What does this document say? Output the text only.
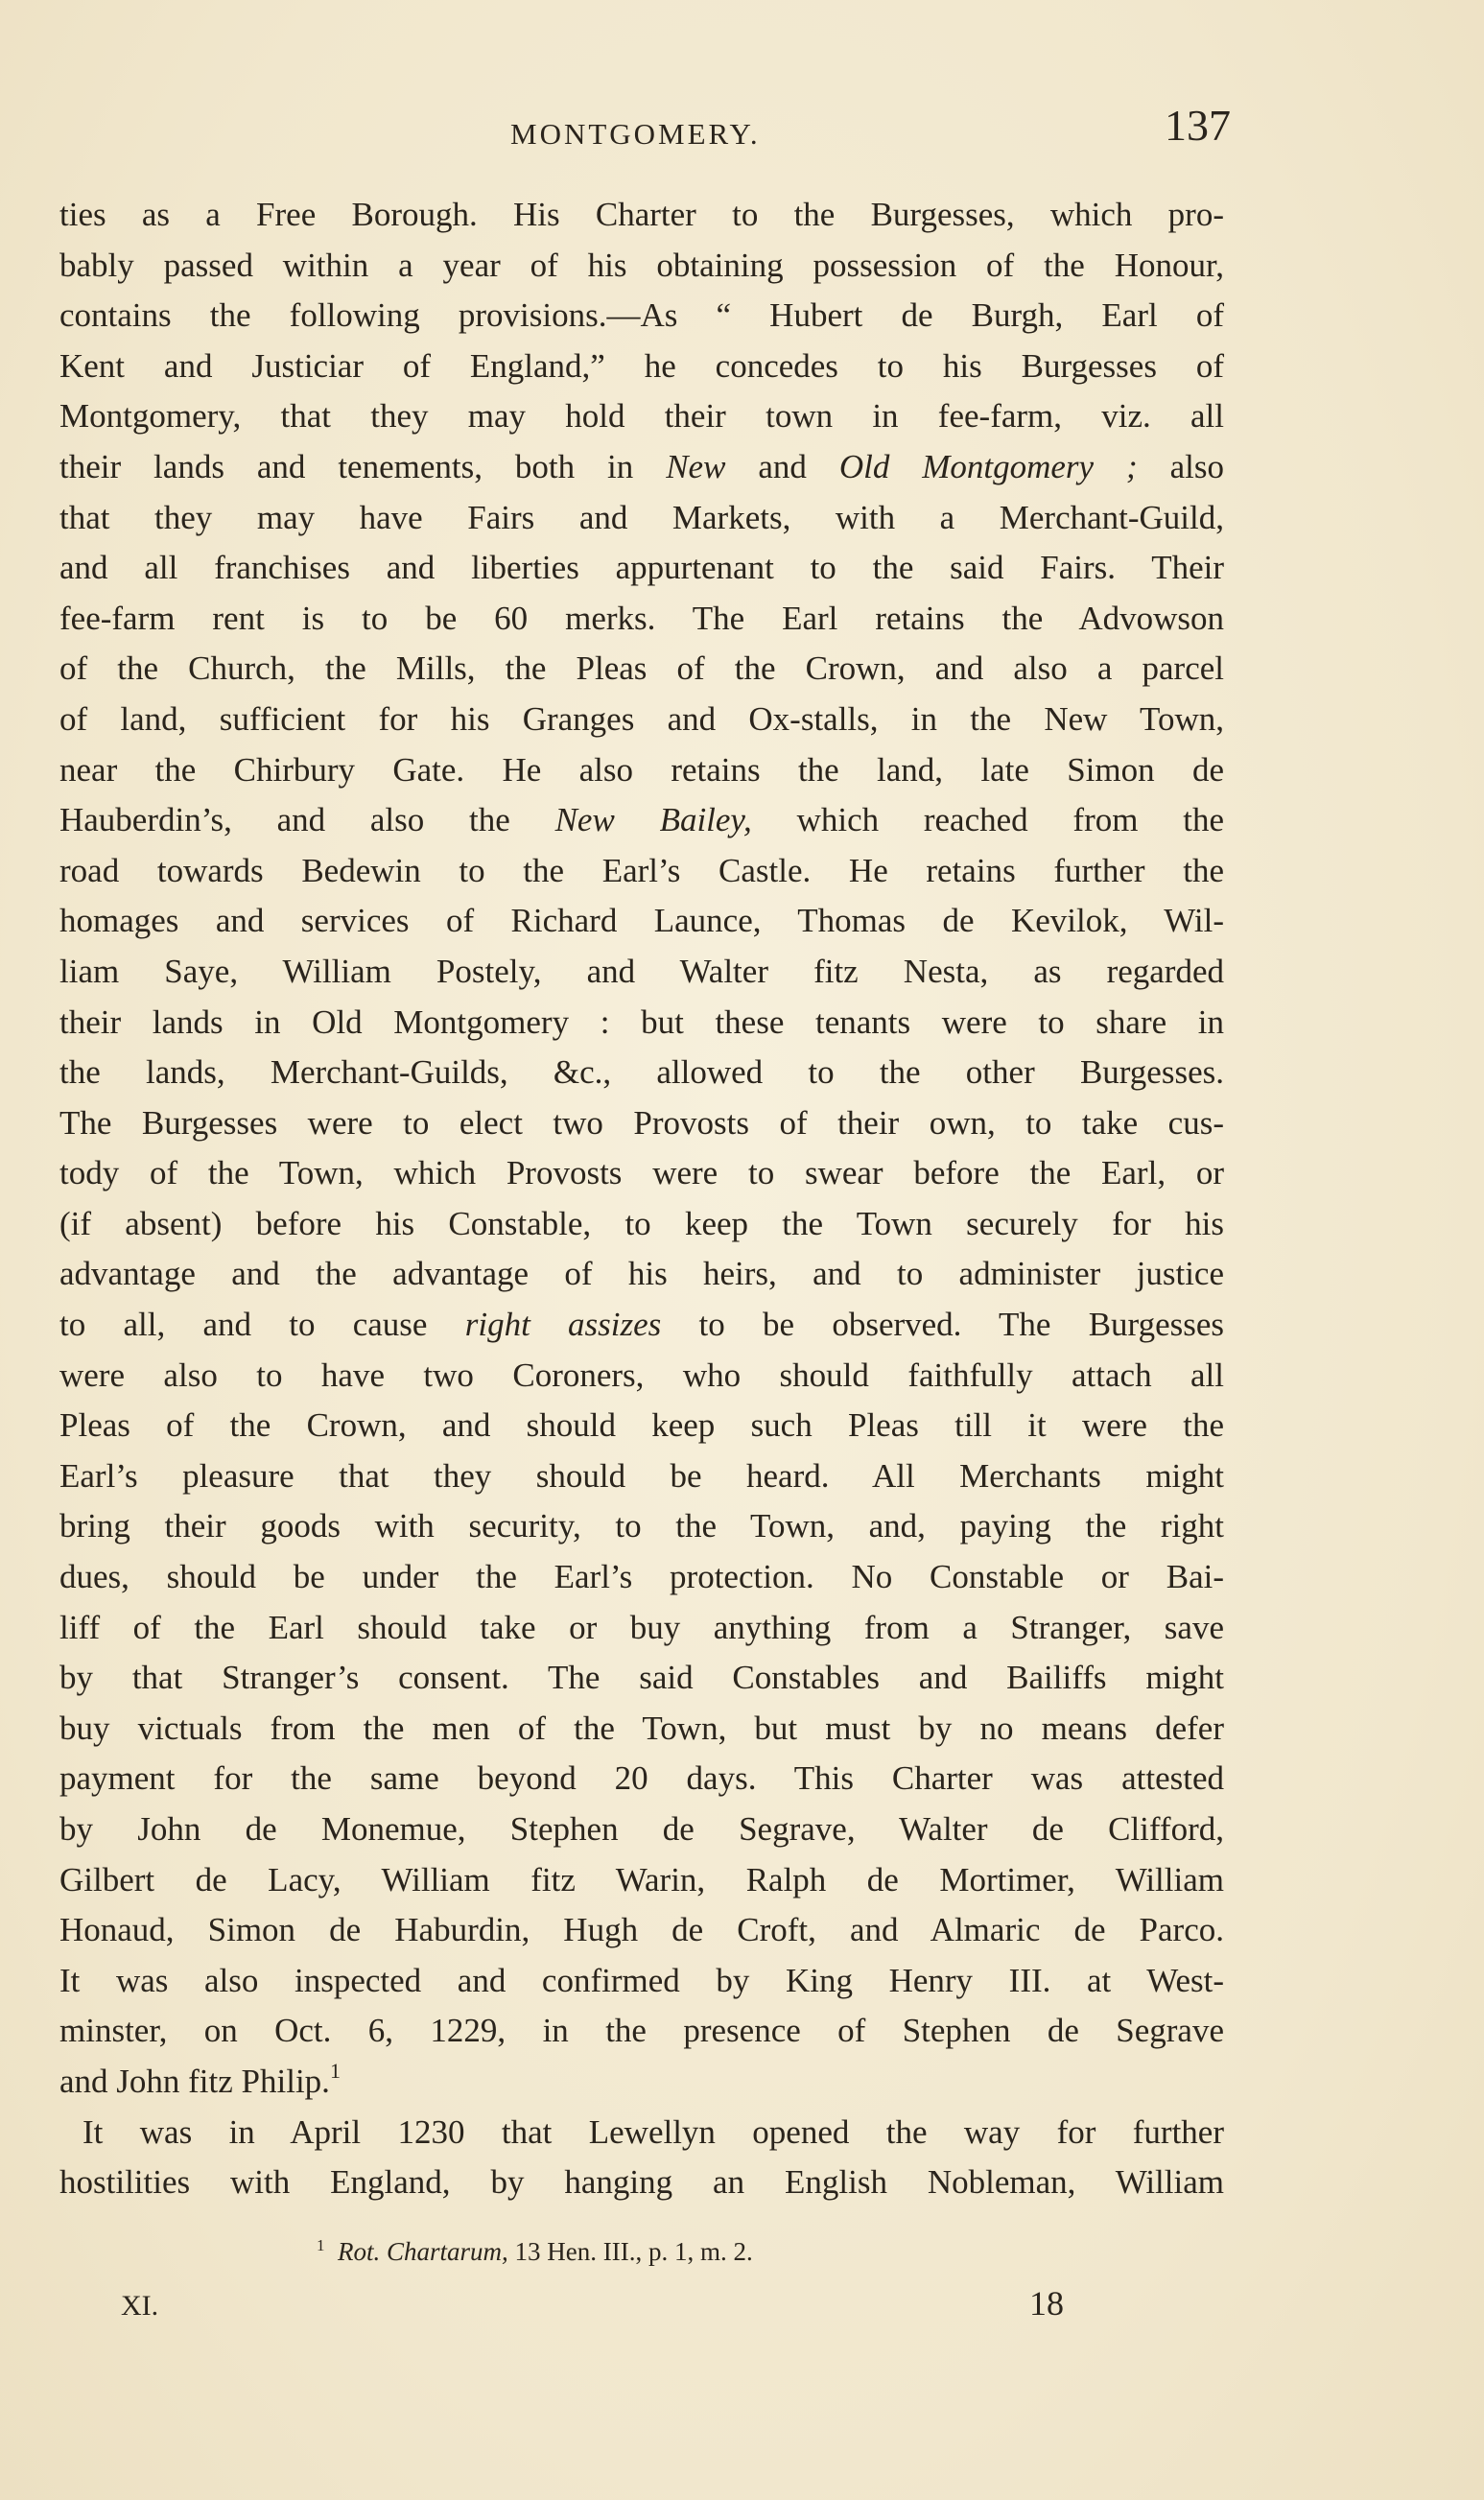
MONTGOMERY.	137
ties as a Free Borough. His Charter to the Burgesses, which pro-
bably passed within a year of his obtaining possession of the Honour,
contains the following provisions.—As “ Hubert de Burgh, Earl of
Kent and Justiciar of England,” he concedes to his Burgesses of
Montgomery, that they may hold their town in fee-farm, viz. all
their lands and tenements, both in New and Old Montgomery ; also
that they may have Fairs and Markets, with a Merchant-Guild,
and all franchises and liberties appurtenant to the said Fairs. Their
fee-farm rent is to be 60 merks. The Earl retains the Advowson
of the Church, the Mills, the Pleas of the Crown, and also a parcel
of land, sufficient for his Granges and Ox-stalls, in the New Town,
near the Chirbury Gate. He also retains the land, late Simon de
Hauberdin’s, and also the New Bailey, which reached from the
road towards Bedewin to the Earl’s Castle. He retains further the
homages and services of Richard Launce, Thomas de Kevilok, Wil-
liam Saye, William Postely, and Walter fitz Nesta, as regarded
their lands in Old Montgomery : but these tenants were to share in
the lands, Merchant-Guilds, &c., allowed to the other Burgesses.
The Burgesses were to elect two Provosts of their own, to take cus-
tody of the Town, which Provosts were to swear before the Earl, or
(if absent) before his Constable, to keep the Town securely for his
advantage and the advantage of his heirs, and to administer justice
to all, and to cause right assizes to be observed. The Burgesses
were also to have two Coroners, who should faithfully attach all
Pleas of the Crown, and should keep such Pleas till it were the
Earl’s pleasure that they should be heard. All Merchants might
bring their goods with security, to the Town, and, paying the right
dues, should be under the Earl’s protection. No Constable or Bai-
liff of the Earl should take or buy anything from a Stranger, save
by that Stranger’s consent. The said Constables and Bailiffs might
buy victuals from the men of the Town, but must by no means defer
payment for the same beyond 20 days. This Charter was attested
by John de Monemue, Stephen de Segrave, Walter de Clifford,
Gilbert de Lacy, William fitz Warin, Ralph de Mortimer, William
Honaud, Simon de Haburdin, Hugh de Croft, and Almaric de Parco.
It was also inspected and confirmed by King Henry III. at West-
minster, on Oct. 6, 1229, in the presence of Stephen de Segrave
and John fitz Philip.$^1$
It was in April 1230 that Lewellyn opened the way for further
hostilities with England, by hanging an English Nobleman, William
$^1$ Rot. Chartarum, 13 Hen. III., p. 1, m. 2.
XI.	18
